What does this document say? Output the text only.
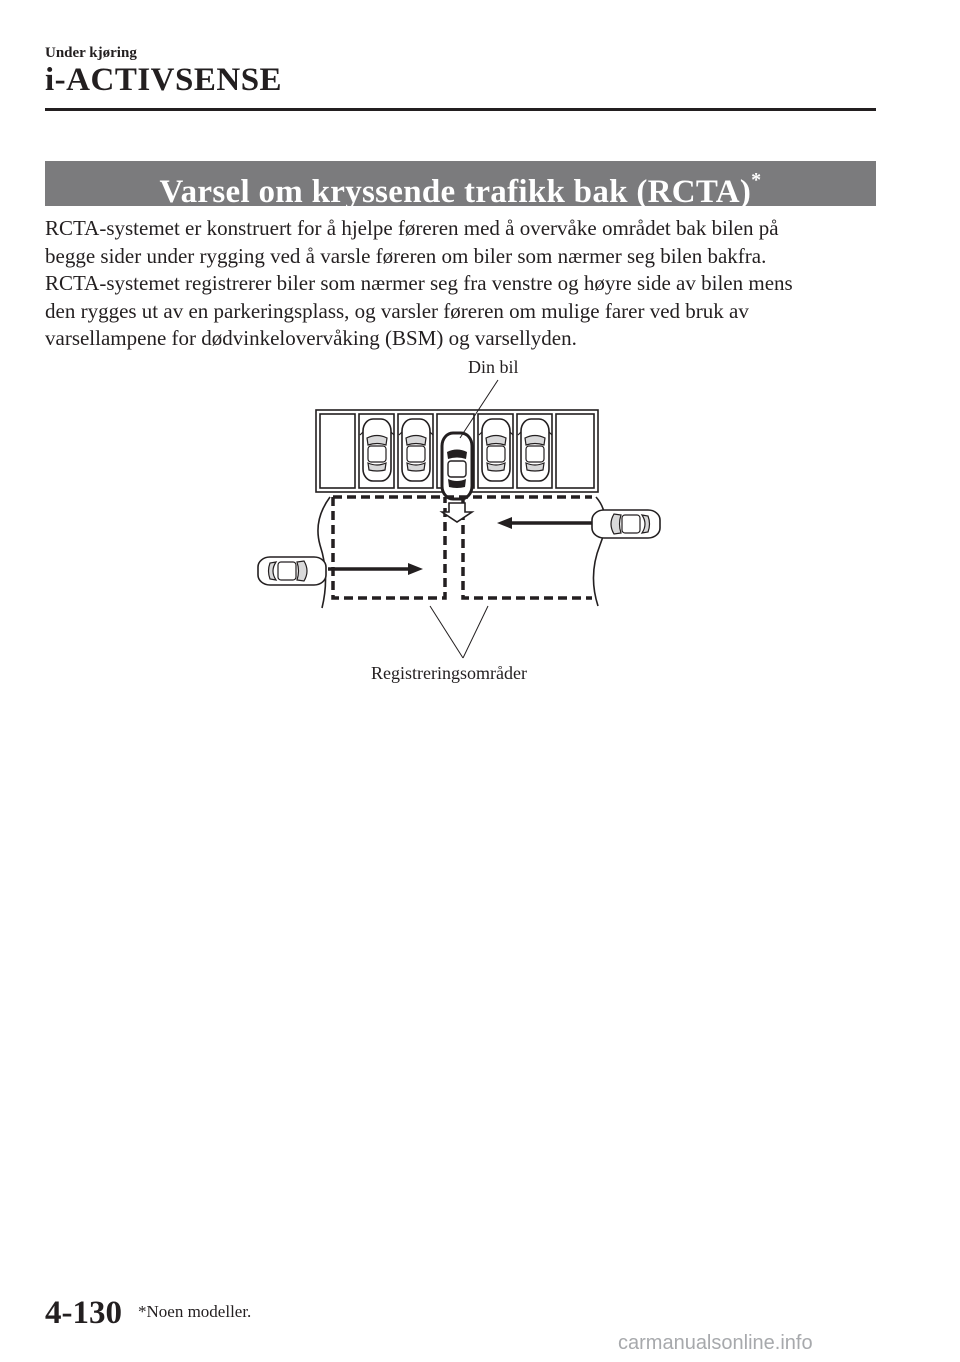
Under kjøring
i-ACTIVSENSE
Varsel om kryssende trafikk bak (RCTA)*

RCTA-systemet er konstruert for å hjelpe føreren med å overvåke området bak bilen på

begge sider under rygging ved å varsle føreren om biler som nærmer seg bilen bakfra.

RCTA-systemet registrerer biler som nærmer seg fra venstre og høyre side av bilen mens

den rygges ut av en parkeringsplass, og varsler føreren om mulige farer ved bruk av

varsellampene for dødvinkelovervåking (BSM) og varsellyden.

Din bil
Registreringsområder
4-130 *Noen modeller.
carmanualsonline.info
